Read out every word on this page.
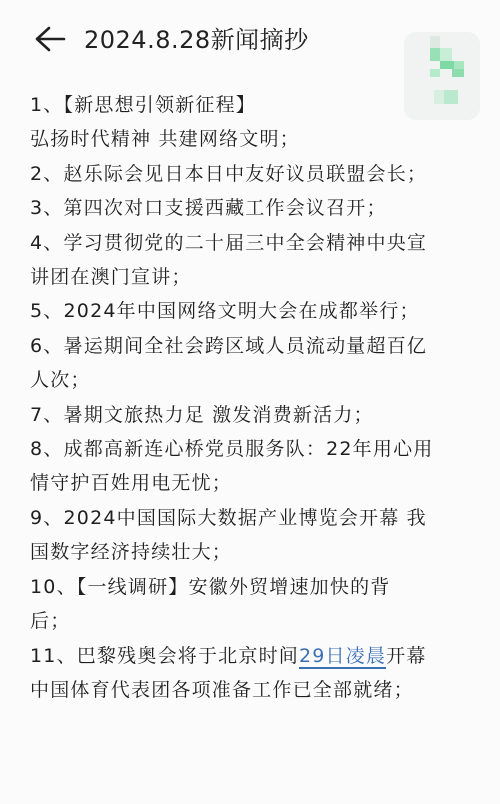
2024.8.28新闻摘抄
1、【新思想引领新征程】
弘扬时代精神 共建网络文明；
2、赵乐际会见日本日中友好议员联盟会长；
3、第四次对口支援西藏工作会议召开；
4、学习贯彻党的二十届三中全会精神中央宣
讲团在澳门宣讲；
5、2024年中国网络文明大会在成都举行；
6、暑运期间全社会跨区域人员流动量超百亿
人次；
7、暑期文旅热力足 激发消费新活力；
8、成都高新连心桥党员服务队：22年用心用
情守护百姓用电无忧；
9、2024中国国际大数据产业博览会开幕 我
国数字经济持续壮大；
10、【一线调研】安徽外贸增速加快的背
后；
11、巴黎残奥会将于北京时间29日凌晨开幕
中国体育代表团各项准备工作已全部就绪；
